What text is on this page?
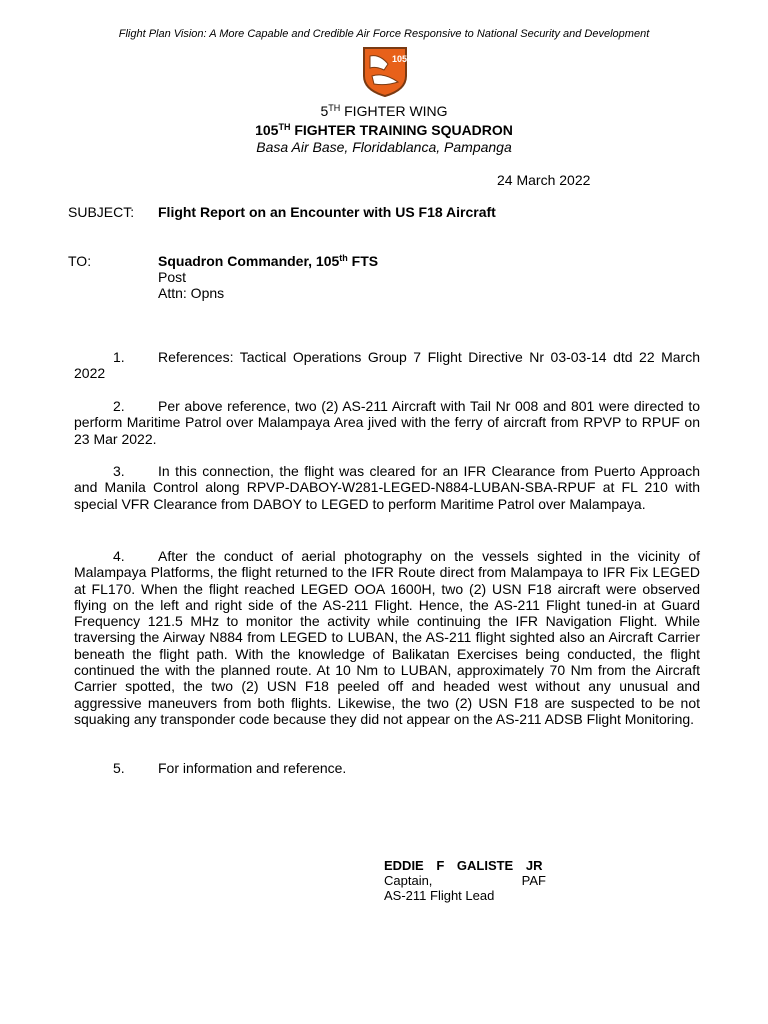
Flight Plan Vision: A More Capable and Credible Air Force Responsive to National Security and Development
105
5TH FIGHTER WING
105TH FIGHTER TRAINING SQUADRON
Basa Air Base, Floridablanca, Pampanga
24 March 2022
SUBJECT: Flight Report on an Encounter with US F18 Aircraft
TO:	Squadron Commander, 105th FTS
Post
Attn: Opns
1. References: Tactical Operations Group 7 Flight Directive Nr 03-03-14 dtd 22 March 2022
2. Per above reference, two (2) AS-211 Aircraft with Tail Nr 008 and 801 were directed to perform Maritime Patrol over Malampaya Area jived with the ferry of aircraft from RPVP to RPUF on 23 Mar 2022.
3. In this connection, the flight was cleared for an IFR Clearance from Puerto Approach and Manila Control along RPVP-DABOY-W281-LEGED-N884-LUBAN-SBA-RPUF at FL 210 with special VFR Clearance from DABOY to LEGED to perform Maritime Patrol over Malampaya.
4. After the conduct of aerial photography on the vessels sighted in the vicinity of Malampaya Platforms, the flight returned to the IFR Route direct from Malampaya to IFR Fix LEGED at FL170. When the flight reached LEGED OOA 1600H, two (2) USN F18 aircraft were observed flying on the left and right side of the AS-211 Flight. Hence, the AS-211 Flight tuned-in at Guard Frequency 121.5 MHz to monitor the activity while continuing the IFR Navigation Flight. While traversing the Airway N884 from LEGED to LUBAN, the AS-211 flight sighted also an Aircraft Carrier beneath the flight path. With the knowledge of Balikatan Exercises being conducted, the flight continued the with the planned route. At 10 Nm to LUBAN, approximately 70 Nm from the Aircraft Carrier spotted, the two (2) USN F18 peeled off and headed west without any unusual and aggressive maneuvers from both flights. Likewise, the two (2) USN F18 are suspected to be not squaking any transponder code because they did not appear on the AS-211 ADSB Flight Monitoring.
5. For information and reference.
EDDIE F GALISTE JR
Captain,	PAF
AS-211 Flight Lead
